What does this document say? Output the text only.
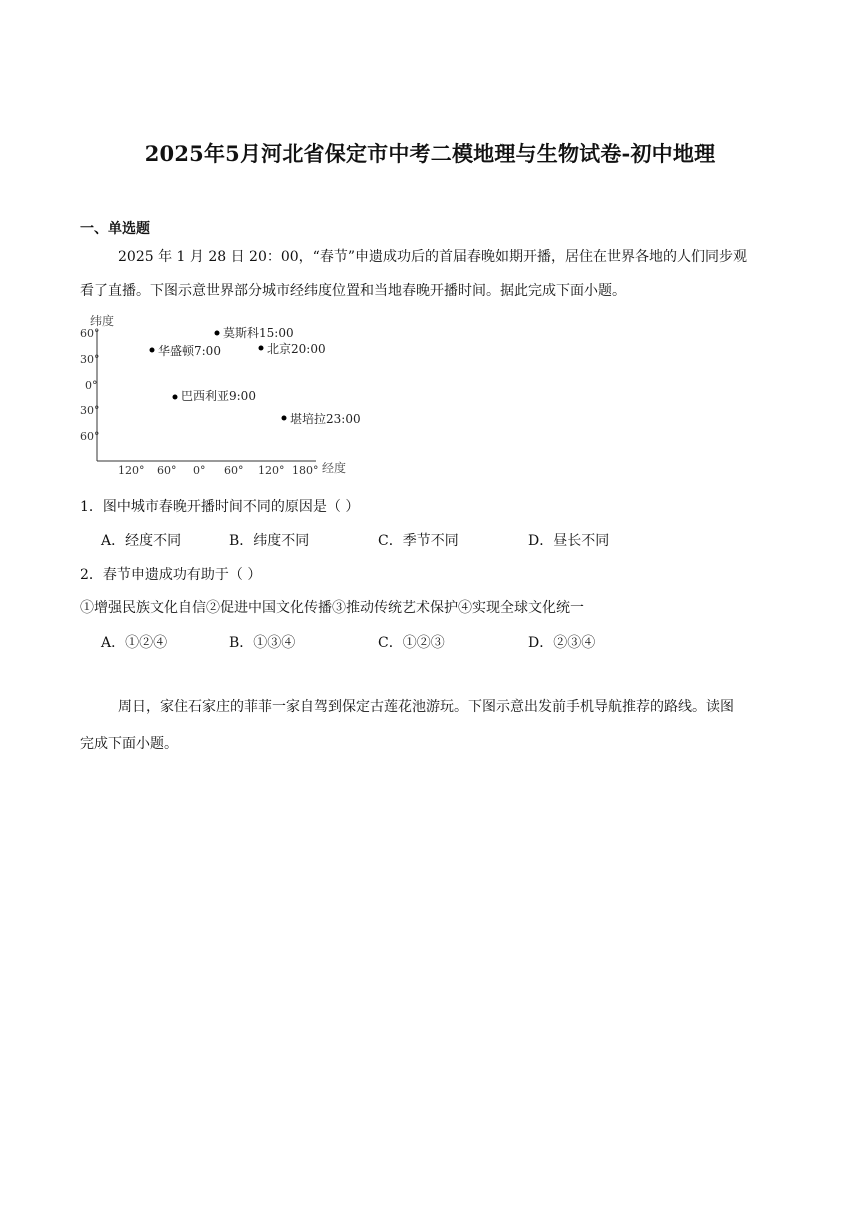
2025年5月河北省保定市中考二模地理与生物试卷-初中地理
一、单选题
2025 年 1 月 28 日 20：00，“春节”申遗成功后的首届春晚如期开播，居住在世界各地的人们同步观
看了直播。下图示意世界部分城市经纬度位置和当地春晚开播时间。据此完成下面小题。
纬度
经度
60°
30°
0°
30°
60°
120° 60° 0° 60° 120° 180°
莫斯科15:00
华盛顿7:00	北京20:00
巴西利亚9:00
堪培拉23:00
1．图中城市春晚开播时间不同的原因是（ ）
A．经度不同	B．纬度不同	C．季节不同	D．昼长不同
2．春节申遗成功有助于（ ）
①增强民族文化自信②促进中国文化传播③推动传统艺术保护④实现全球文化统一
A．①②④	B．①③④	C．①②③	D．②③④
周日，家住石家庄的菲菲一家自驾到保定古莲花池游玩。下图示意出发前手机导航推荐的路线。读图
完成下面小题。
